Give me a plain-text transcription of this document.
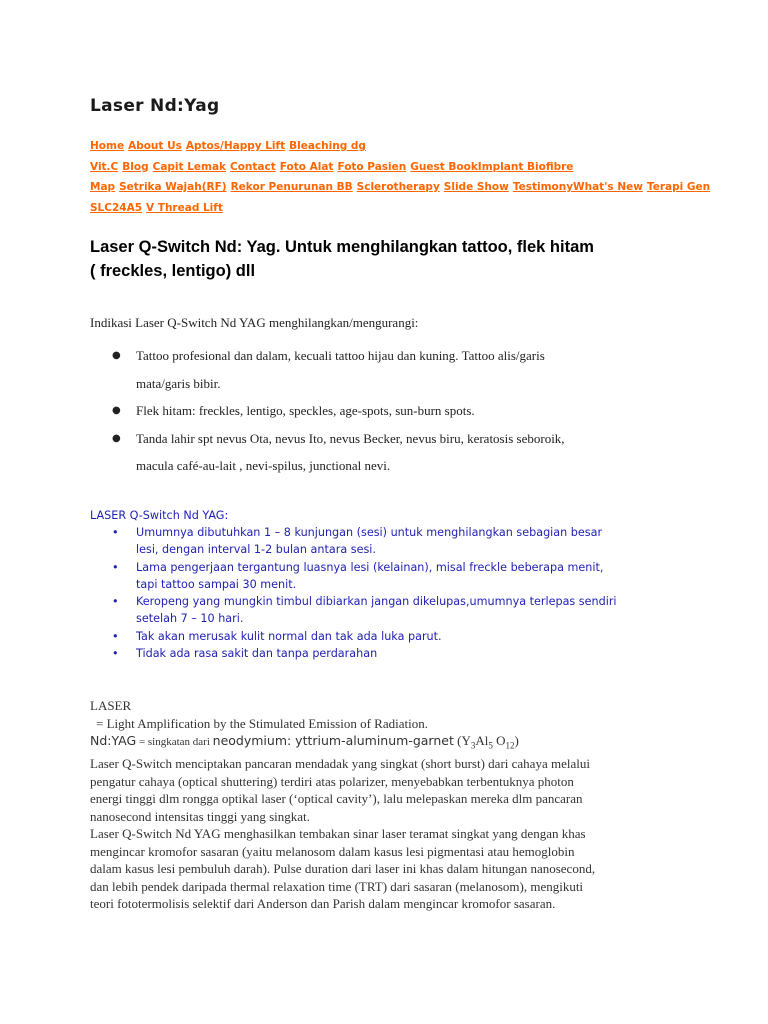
Laser Nd:Yag
Home About Us Aptos/Happy Lift Bleaching dg
Vit.C Blog Capit Lemak Contact Foto Alat Foto Pasien Guest BookImplant Biofibre
Map Setrika Wajah(RF) Rekor Penurunan BB Sclerotherapy Slide Show TestimonyWhat's New Terapi Gen
SLC24A5 V Thread Lift
Laser Q-Switch Nd: Yag. Untuk menghilangkan tattoo, flek hitam
( freckles, lentigo) dll
Indikasi Laser Q-Switch Nd YAG menghilangkan/mengurangi:
● Tattoo profesional dan dalam, kecuali tattoo hijau dan kuning. Tattoo alis/garis
mata/garis bibir.
● Flek hitam: freckles, lentigo, speckles, age-spots, sun-burn spots.
● Tanda lahir spt nevus Ota, nevus Ito, nevus Becker, nevus biru, keratosis seboroik,
macula café-au-lait , nevi-spilus, junctional nevi.
LASER Q-Switch Nd YAG:
• Umumnya dibutuhkan 1 – 8 kunjungan (sesi) untuk menghilangkan sebagian besar
lesi, dengan interval 1-2 bulan antara sesi.
• Lama pengerjaan tergantung luasnya lesi (kelainan), misal freckle beberapa menit,
tapi tattoo sampai 30 menit.
• Keropeng yang mungkin timbul dibiarkan jangan dikelupas,umumnya terlepas sendiri
setelah 7 – 10 hari.
• Tak akan merusak kulit normal dan tak ada luka parut.
• Tidak ada rasa sakit dan tanpa perdarahan
LASER
= Light Amplification by the Stimulated Emission of Radiation.
Nd:YAG = singkatan dari neodymium: yttrium-aluminum-garnet ($Y_3Al_5$ $O_{12}$)

Laser Q-Switch menciptakan pancaran mendadak yang singkat (short burst) dari cahaya melalui
pengatur cahaya (optical shuttering) terdiri atas polarizer, menyebabkan terbentuknya photon
energi tinggi dlm rongga optikal laser (‘optical cavity’), lalu melepaskan mereka dlm pancaran
nanosecond intensitas tinggi yang singkat.

Laser Q-Switch Nd YAG menghasilkan tembakan sinar laser teramat singkat yang dengan khas
mengincar kromofor sasaran (yaitu melanosom dalam kasus lesi pigmentasi atau hemoglobin
dalam kasus lesi pembuluh darah). Pulse duration dari laser ini khas dalam hitungan nanosecond,
dan lebih pendek daripada thermal relaxation time (TRT) dari sasaran (melanosom), mengikuti
teori fototermolisis selektif dari Anderson dan Parish dalam mengincar kromofor sasaran.
